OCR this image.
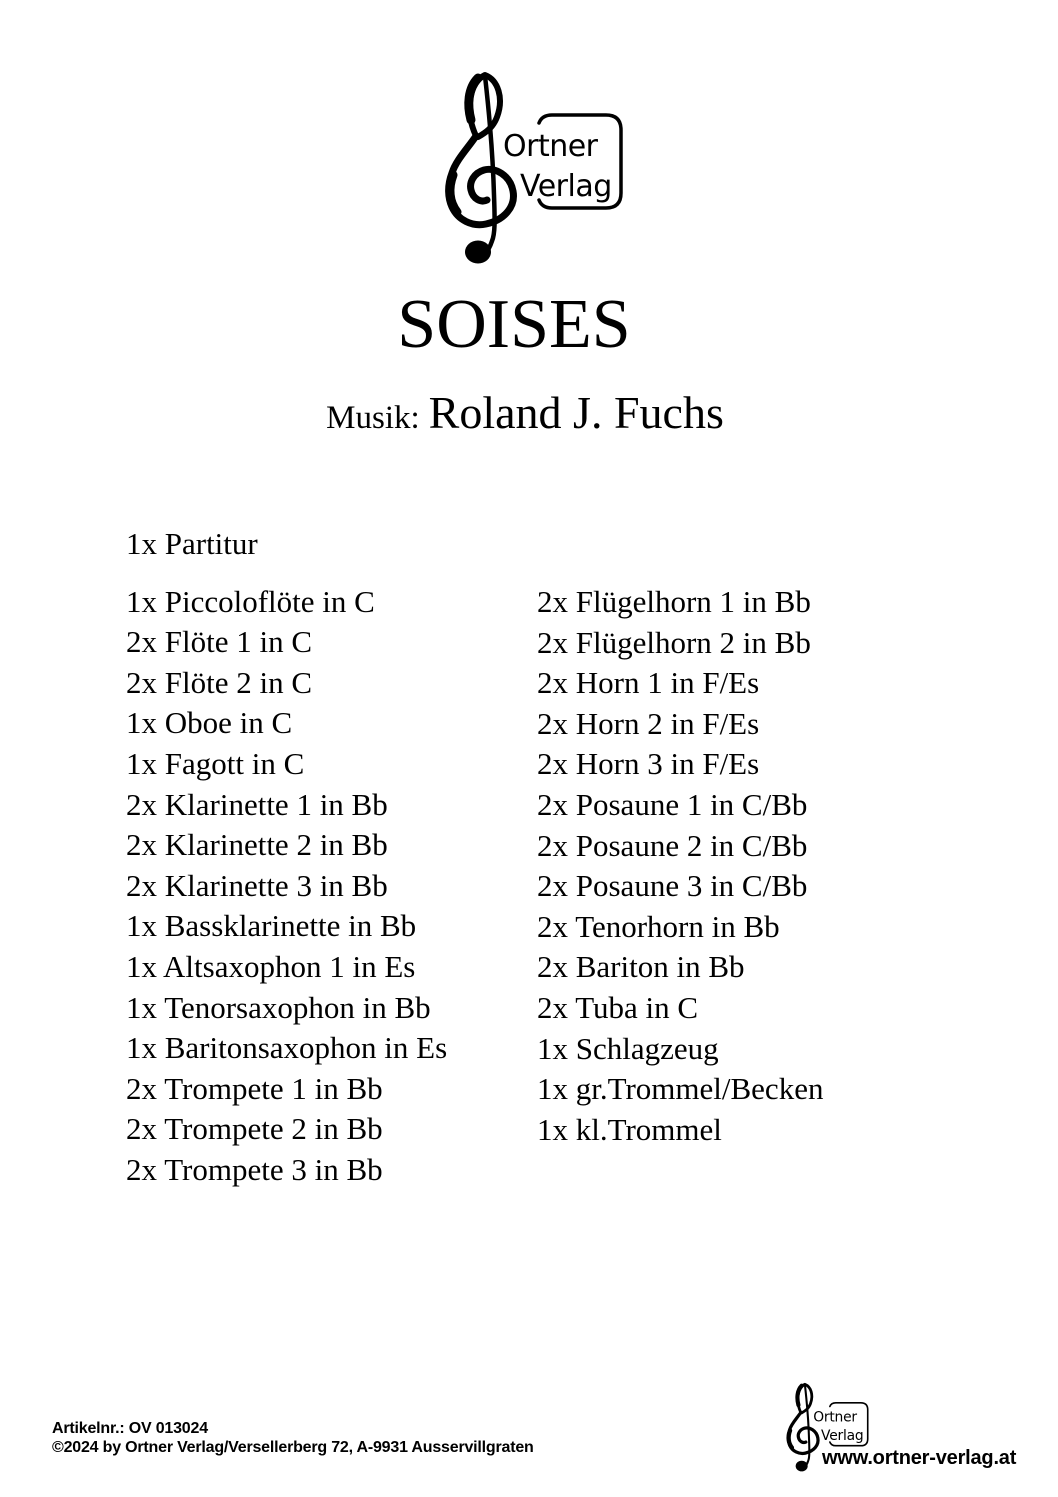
Ortner
Verlag
SOISES
Musik: Roland J. Fuchs
1x Partitur
1x Piccoloflöte in C
2x Flöte 1 in C
2x Flöte 2 in C
1x Oboe in C
1x Fagott in C
2x Klarinette 1 in Bb
2x Klarinette 2 in Bb
2x Klarinette 3 in Bb
1x Bassklarinette in Bb
1x Altsaxophon 1 in Es
1x Tenorsaxophon in Bb
1x Baritonsaxophon in Es
2x Trompete 1 in Bb
2x Trompete 2 in Bb
2x Trompete 3 in Bb
2x Flügelhorn 1 in Bb
2x Flügelhorn 2 in Bb
2x Horn 1 in F/Es
2x Horn 2 in F/Es
2x Horn 3 in F/Es
2x Posaune 1 in C/Bb
2x Posaune 2 in C/Bb
2x Posaune 3 in C/Bb
2x Tenorhorn in Bb
2x Bariton in Bb
2x Tuba in C
1x Schlagzeug
1x gr.Trommel/Becken
1x kl.Trommel
Artikelnr.: OV 013024
©2024 by Ortner Verlag/Versellerberg 72, A-9931 Ausservillgraten
Ortner
Verlag
www.ortner-verlag.at
